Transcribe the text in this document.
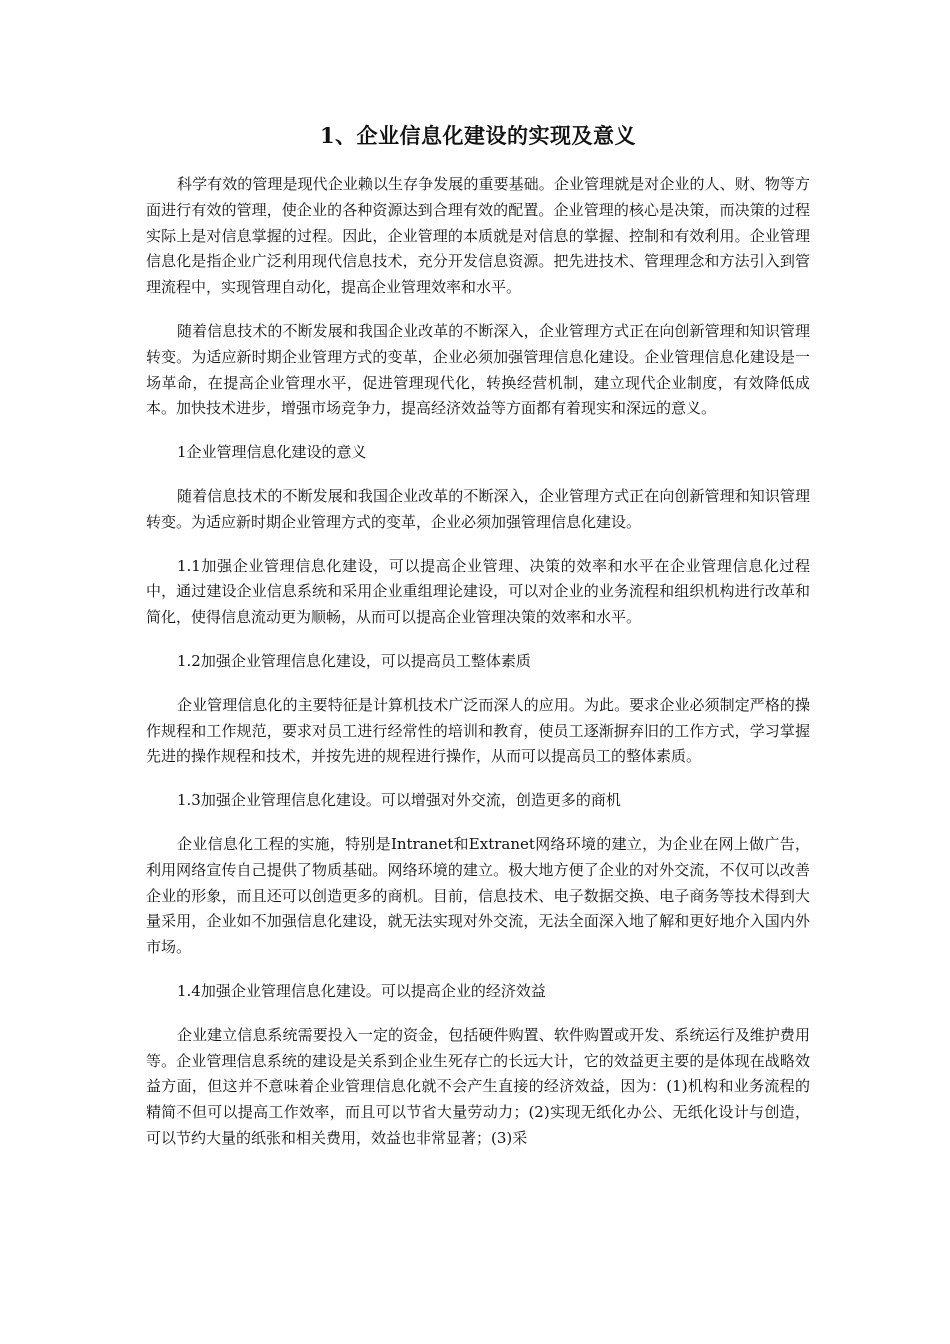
1、企业信息化建设的实现及意义

科学有效的管理是现代企业赖以生存争发展的重要基础。企业管理就是对企业的人、财、物等方面进行有效的管理，使企业的各种资源达到合理有效的配置。企业管理的核心是决策，而决策的过程实际上是对信息掌握的过程。因此，企业管理的本质就是对信息的掌握、控制和有效利用。企业管理信息化是指企业广泛利用现代信息技术，充分开发信息资源。把先进技术、管理理念和方法引入到管理流程中，实现管理自动化，提高企业管理效率和水平。

随着信息技术的不断发展和我国企业改革的不断深入，企业管理方式正在向创新管理和知识管理转变。为适应新时期企业管理方式的变革，企业必须加强管理信息化建设。企业管理信息化建设是一场革命，在提高企业管理水平，促进管理现代化，转换经营机制，建立现代企业制度，有效降低成本。加快技术进步，增强市场竞争力，提高经济效益等方面都有着现实和深远的意义。

1企业管理信息化建设的意义

随着信息技术的不断发展和我国企业改革的不断深入，企业管理方式正在向创新管理和知识管理转变。为适应新时期企业管理方式的变革，企业必须加强管理信息化建设。

1.1加强企业管理信息化建设，可以提高企业管理、决策的效率和水平在企业管理信息化过程中，通过建设企业信息系统和采用企业重组理论建设，可以对企业的业务流程和组织机构进行改革和简化，使得信息流动更为顺畅，从而可以提高企业管理决策的效率和水平。

1.2加强企业管理信息化建设，可以提高员工整体素质

企业管理信息化的主要特征是计算机技术广泛而深人的应用。为此。要求企业必须制定严格的操作规程和工作规范，要求对员工进行经常性的培训和教育，使员工逐渐摒弃旧的工作方式，学习掌握先进的操作规程和技术，并按先进的规程进行操作，从而可以提高员工的整体素质。

1.3加强企业管理信息化建设。可以增强对外交流，创造更多的商机

企业信息化工程的实施，特别是Intranet和Extranet网络环境的建立，为企业在网上做广告，利用网络宣传自己提供了物质基础。网络环境的建立。极大地方便了企业的对外交流，不仅可以改善企业的形象，而且还可以创造更多的商机。目前，信息技术、电子数据交换、电子商务等技术得到大量采用，企业如不加强信息化建设，就无法实现对外交流，无法全面深入地了解和更好地介入国内外市场。

1.4加强企业管理信息化建设。可以提高企业的经济效益

企业建立信息系统需要投入一定的资金，包括硬件购置、软件购置或开发、系统运行及维护费用等。企业管理信息系统的建设是关系到企业生死存亡的长远大计，它的效益更主要的是体现在战略效益方面，但这并不意味着企业管理信息化就不会产生直接的经济效益，因为：(1)机构和业务流程的精简不但可以提高工作效率，而且可以节省大量劳动力；(2)实现无纸化办公、无纸化设计与创造，可以节约大量的纸张和相关费用，效益也非常显著；(3)采
